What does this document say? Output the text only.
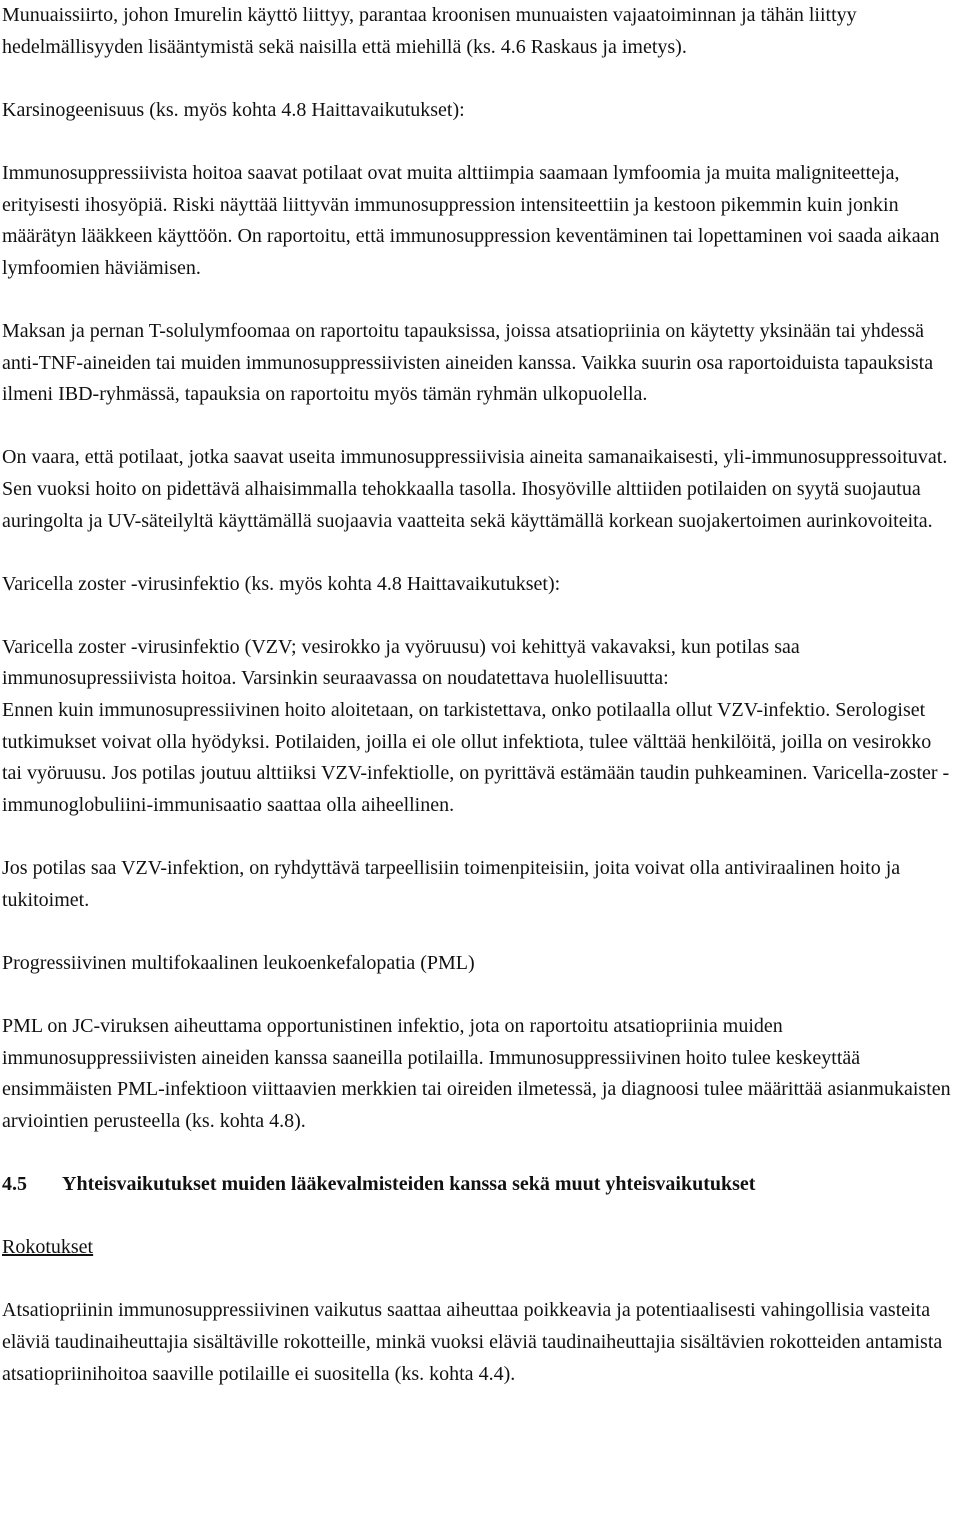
Munuaissiirto, johon Imurelin käyttö liittyy, parantaa kroonisen munuaisten vajaatoiminnan ja tähän liittyy hedelmällisyyden lisääntymistä sekä naisilla että miehillä (ks. 4.6 Raskaus ja imetys).

Karsinogeenisuus (ks. myös kohta 4.8 Haittavaikutukset):

Immunosuppressiivista hoitoa saavat potilaat ovat muita alttiimpia saamaan lymfoomia ja muita maligniteetteja, erityisesti ihosyöpiä. Riski näyttää liittyvän immunosuppression intensiteettiin ja kestoon pikemmin kuin jonkin määrätyn lääkkeen käyttöön. On raportoitu, että immunosuppression keventäminen tai lopettaminen voi saada aikaan lymfoomien häviämisen.

Maksan ja pernan T-solulymfoomaa on raportoitu tapauksissa, joissa atsatiopriinia on käytetty yksinään tai yhdessä anti-TNF-aineiden tai muiden immunosuppressiivisten aineiden kanssa. Vaikka suurin osa raportoiduista tapauksista ilmeni IBD-ryhmässä, tapauksia on raportoitu myös tämän ryhmän ulkopuolella.

On vaara, että potilaat, jotka saavat useita immunosuppressiivisia aineita samanaikaisesti, yli-immunosuppressoituvat. Sen vuoksi hoito on pidettävä alhaisimmalla tehokkaalla tasolla. Ihosyöville alttiiden potilaiden on syytä suojautua auringolta ja UV-säteilyltä käyttämällä suojaavia vaatteita sekä käyttämällä korkean suojakertoimen aurinkovoiteita.

Varicella zoster -virusinfektio (ks. myös kohta 4.8 Haittavaikutukset):

Varicella zoster -virusinfektio (VZV; vesirokko ja vyöruusu) voi kehittyä vakavaksi, kun potilas saa immunosupressiivista hoitoa. Varsinkin seuraavassa on noudatettava huolellisuutta:
Ennen kuin immunosupressiivinen hoito aloitetaan, on tarkistettava, onko potilaalla ollut VZV-infektio. Serologiset tutkimukset voivat olla hyödyksi. Potilaiden, joilla ei ole ollut infektiota, tulee välttää henkilöitä, joilla on vesirokko tai vyöruusu. Jos potilas joutuu alttiiksi VZV-infektiolle, on pyrittävä estämään taudin puhkeaminen. Varicella-zoster -immunoglobuliini-immunisaatio saattaa olla aiheellinen.

Jos potilas saa VZV-infektion, on ryhdyttävä tarpeellisiin toimenpiteisiin, joita voivat olla antiviraalinen hoito ja tukitoimet.

Progressiivinen multifokaalinen leukoenkefalopatia (PML)

PML on JC-viruksen aiheuttama opportunistinen infektio, jota on raportoitu atsatiopriinia muiden immunosuppressiivisten aineiden kanssa saaneilla potilailla. Immunosuppressiivinen hoito tulee keskeyttää ensimmäisten PML-infektioon viittaavien merkkien tai oireiden ilmetessä, ja diagnoosi tulee määrittää asianmukaisten arviointien perusteella (ks. kohta 4.8).

4.5 Yhteisvaikutukset muiden lääkevalmisteiden kanssa sekä muut yhteisvaikutukset

Rokotukset

Atsatiopriinin immunosuppressiivinen vaikutus saattaa aiheuttaa poikkeavia ja potentiaalisesti vahingollisia vasteita eläviä taudinaiheuttajia sisältäville rokotteille, minkä vuoksi eläviä taudinaiheuttajia sisältävien rokotteiden antamista atsatiopriinihoitoa saaville potilaille ei suositella (ks. kohta 4.4).
